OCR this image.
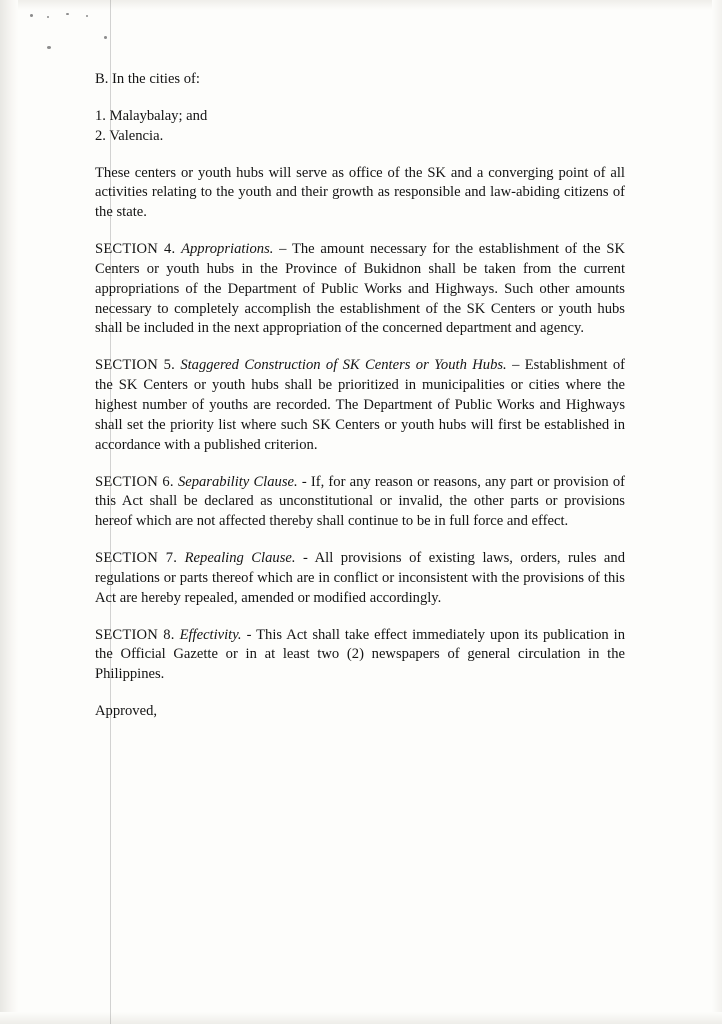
B. In the cities of:

1. Malaybalay; and

2. Valencia.

These centers or youth hubs will serve as office of the SK and a converging point of all activities relating to the youth and their growth as responsible and law-abiding citizens of the state.

SECTION 4. Appropriations. – The amount necessary for the establishment of the SK Centers or youth hubs in the Province of Bukidnon shall be taken from the current appropriations of the Department of Public Works and Highways. Such other amounts necessary to completely accomplish the establishment of the SK Centers or youth hubs shall be included in the next appropriation of the concerned department and agency.

SECTION 5. Staggered Construction of SK Centers or Youth Hubs. – Establishment of the SK Centers or youth hubs shall be prioritized in municipalities or cities where the highest number of youths are recorded. The Department of Public Works and Highways shall set the priority list where such SK Centers or youth hubs will first be established in accordance with a published criterion.

SECTION 6. Separability Clause. - If, for any reason or reasons, any part or provision of this Act shall be declared as unconstitutional or invalid, the other parts or provisions hereof which are not affected thereby shall continue to be in full force and effect.

SECTION 7. Repealing Clause. - All provisions of existing laws, orders, rules and regulations or parts thereof which are in conflict or inconsistent with the provisions of this Act are hereby repealed, amended or modified accordingly.

SECTION 8. Effectivity. - This Act shall take effect immediately upon its publication in the Official Gazette or in at least two (2) newspapers of general circulation in the Philippines.

Approved,
